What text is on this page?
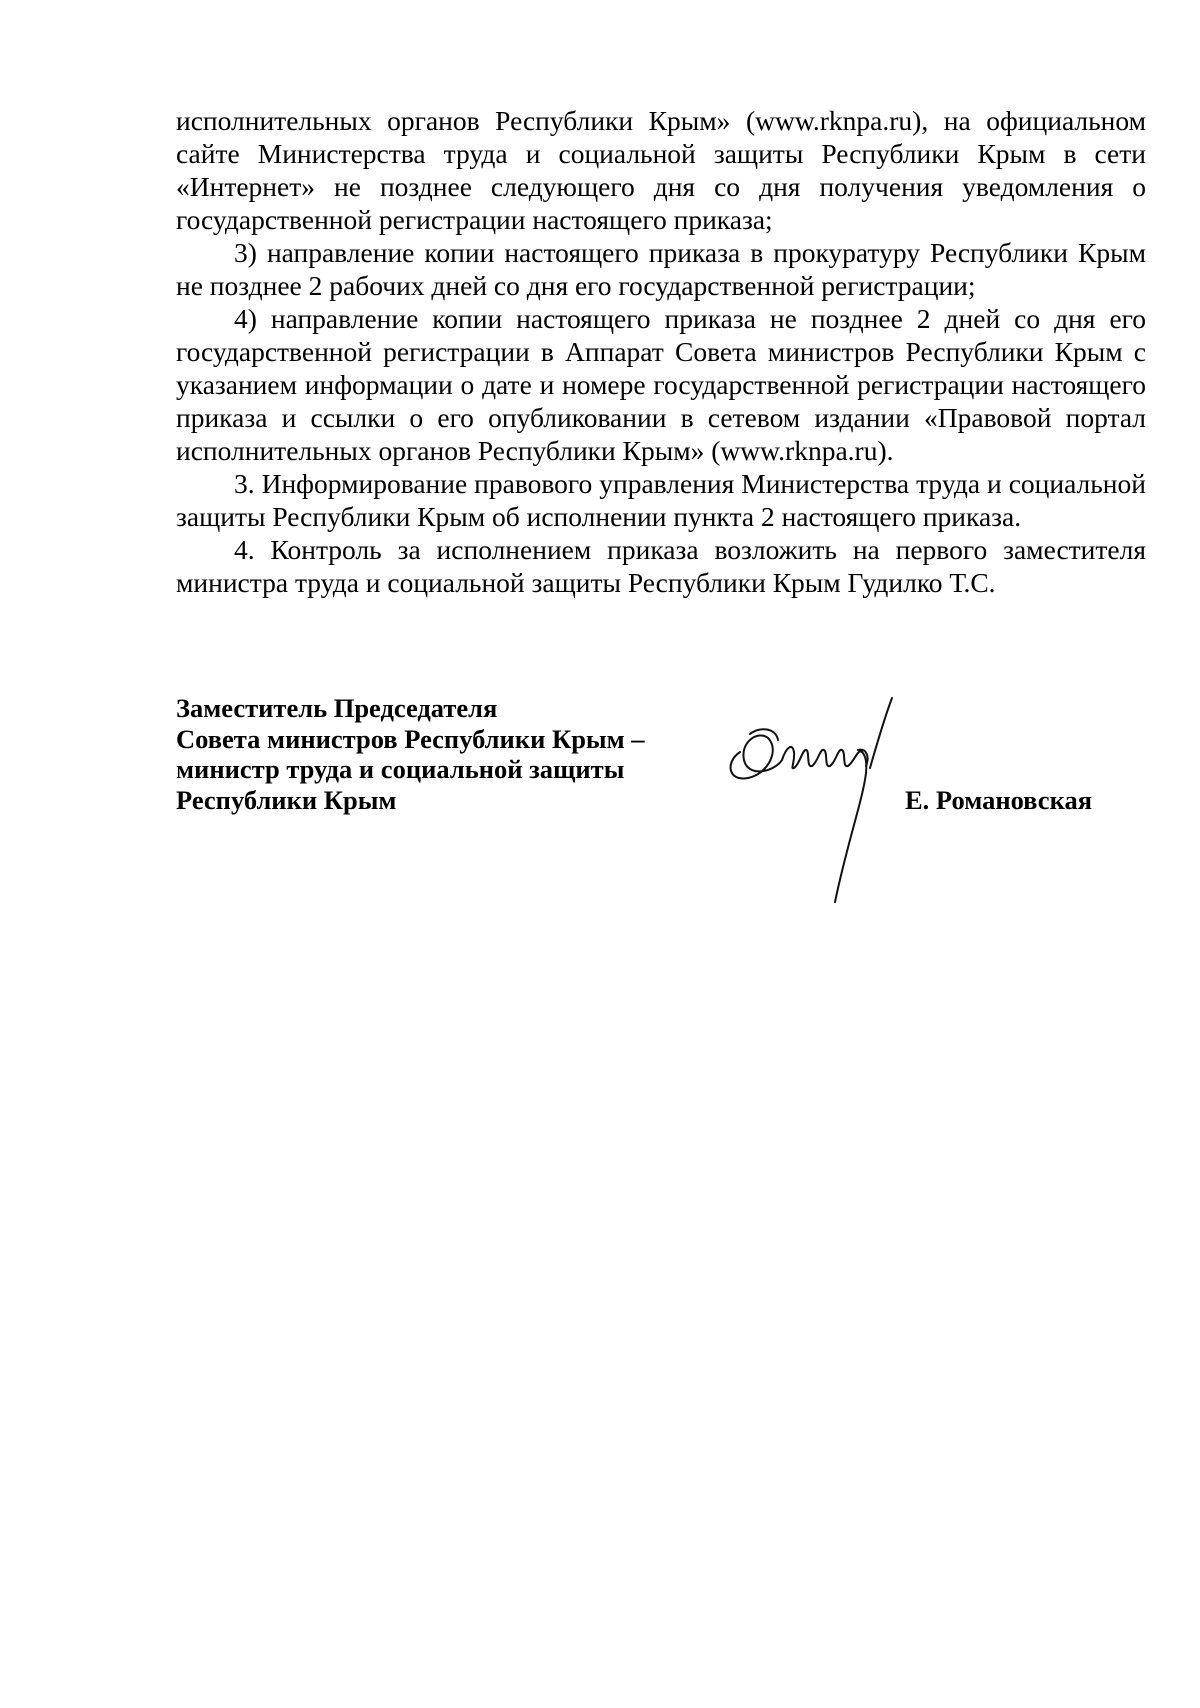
исполнительных органов Республики Крым» (www.rknpa.ru), на официальном сайте Министерства труда и социальной защиты Республики Крым в сети «Интернет» не позднее следующего дня со дня получения уведомления о государственной регистрации настоящего приказа;

3) направление копии настоящего приказа в прокуратуру Республики Крым не позднее 2 рабочих дней со дня его государственной регистрации;

4) направление копии настоящего приказа не позднее 2 дней со дня его государственной регистрации в Аппарат Совета министров Республики Крым с указанием информации о дате и номере государственной регистрации настоящего приказа и ссылки о его опубликовании в сетевом издании «Правовой портал исполнительных органов Республики Крым» (www.rknpa.ru).

3. Информирование правового управления Министерства труда и социальной защиты Республики Крым об исполнении пункта 2 настоящего приказа.

4. Контроль за исполнением приказа возложить на первого заместителя министра труда и социальной защиты Республики Крым Гудилко Т.С.

Заместитель Председателя
Совета министров Республики Крым –
министр труда и социальной защиты
Республики Крым	Е. Романовская
